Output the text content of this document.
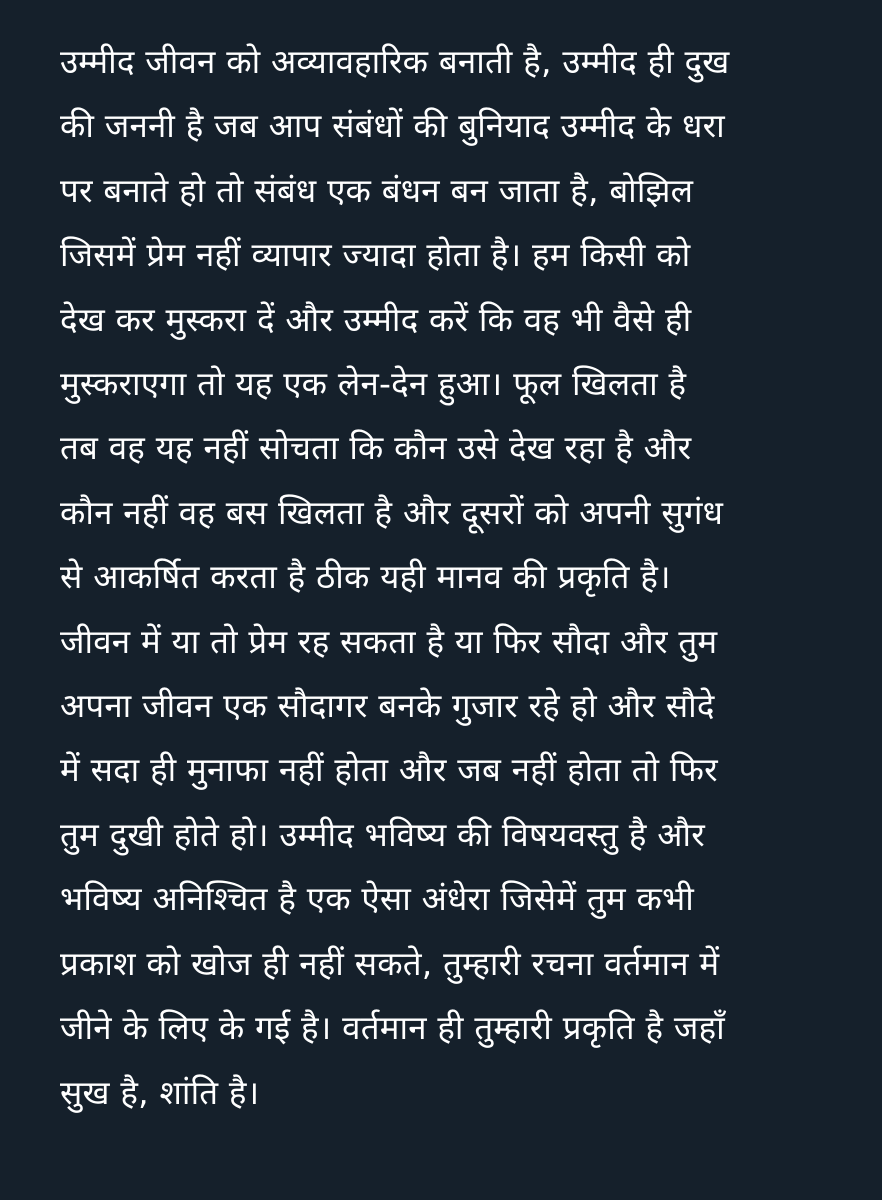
उम्मीद जीवन को अव्यावहारिक बनाती है, उम्मीद ही दुख
की जननी है जब आप संबंधों की बुनियाद उम्मीद के धरा
पर बनाते हो तो संबंध एक बंधन बन जाता है, बोझिल
जिसमें प्रेम नहीं व्यापार ज्यादा होता है। हम किसी को
देख कर मुस्करा दें और उम्मीद करें कि वह भी वैसे ही
मुस्कराएगा तो यह एक लेन-देन हुआ। फूल खिलता है
तब वह यह नहीं सोचता कि कौन उसे देख रहा है और
कौन नहीं वह बस खिलता है और दूसरों को अपनी सुगंध
से आकर्षित करता है ठीक यही मानव की प्रकृति है।
जीवन में या तो प्रेम रह सकता है या फिर सौदा और तुम
अपना जीवन एक सौदागर बनके गुजार रहे हो और सौदे
में सदा ही मुनाफा नहीं होता और जब नहीं होता तो फिर
तुम दुखी होते हो। उम्मीद भविष्य की विषयवस्तु है और
भविष्य अनिश्चित है एक ऐसा अंधेरा जिसेमें तुम कभी
प्रकाश को खोज ही नहीं सकते, तुम्हारी रचना वर्तमान में
जीने के लिए के गई है। वर्तमान ही तुम्हारी प्रकृति है जहाँ
सुख है, शांति है।
